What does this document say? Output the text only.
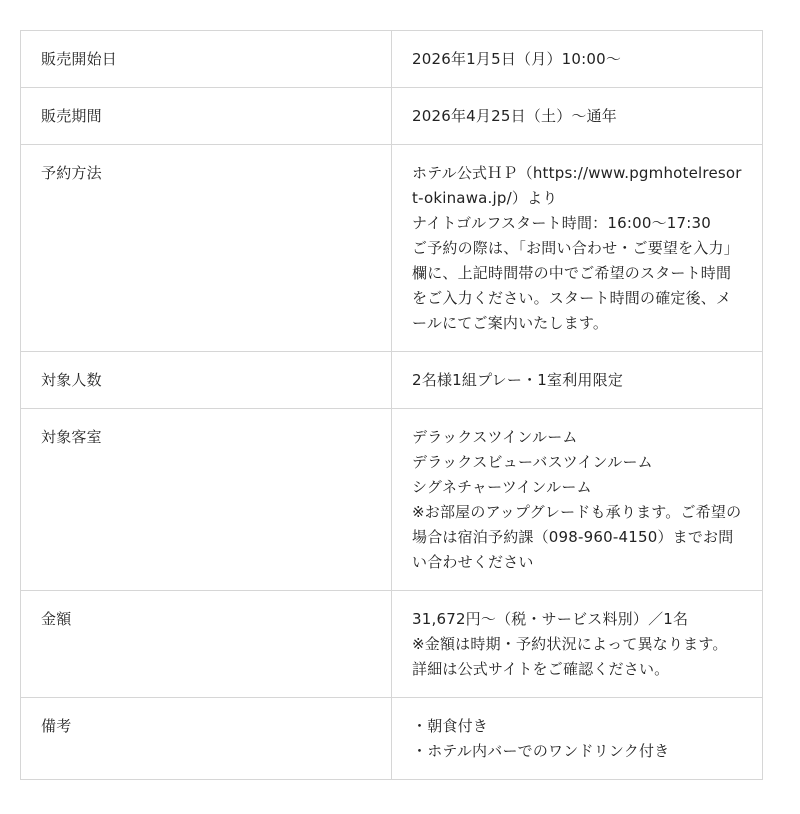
販売開始日	2026年1月5日（月）10:00〜

販売期間	2026年4月25日（土）〜通年

予約方法	ホテル公式ＨＰ（https://www.pgmhotelresort-okinawa.jp/）より
ナイトゴルフスタート時間：16:00〜17:30
ご予約の際は、「お問い合わせ・ご要望を入力」欄に、上記時間帯の中でご希望のスタート時間をご入力ください。スタート時間の確定後、メールにてご案内いたします。

対象人数	2名様1組プレー・1室利用限定

対象客室	デラックスツインルーム
デラックスビューバスツインルーム
シグネチャーツインルーム
※お部屋のアップグレードも承ります。ご希望の場合は宿泊予約課（098-960-4150）までお問い合わせください

金額	31,672円〜（税・サービス料別）／1名
※金額は時期・予約状況によって異なります。詳細は公式サイトをご確認ください。

備考	・朝食付き
・ホテル内バーでのワンドリンク付き
